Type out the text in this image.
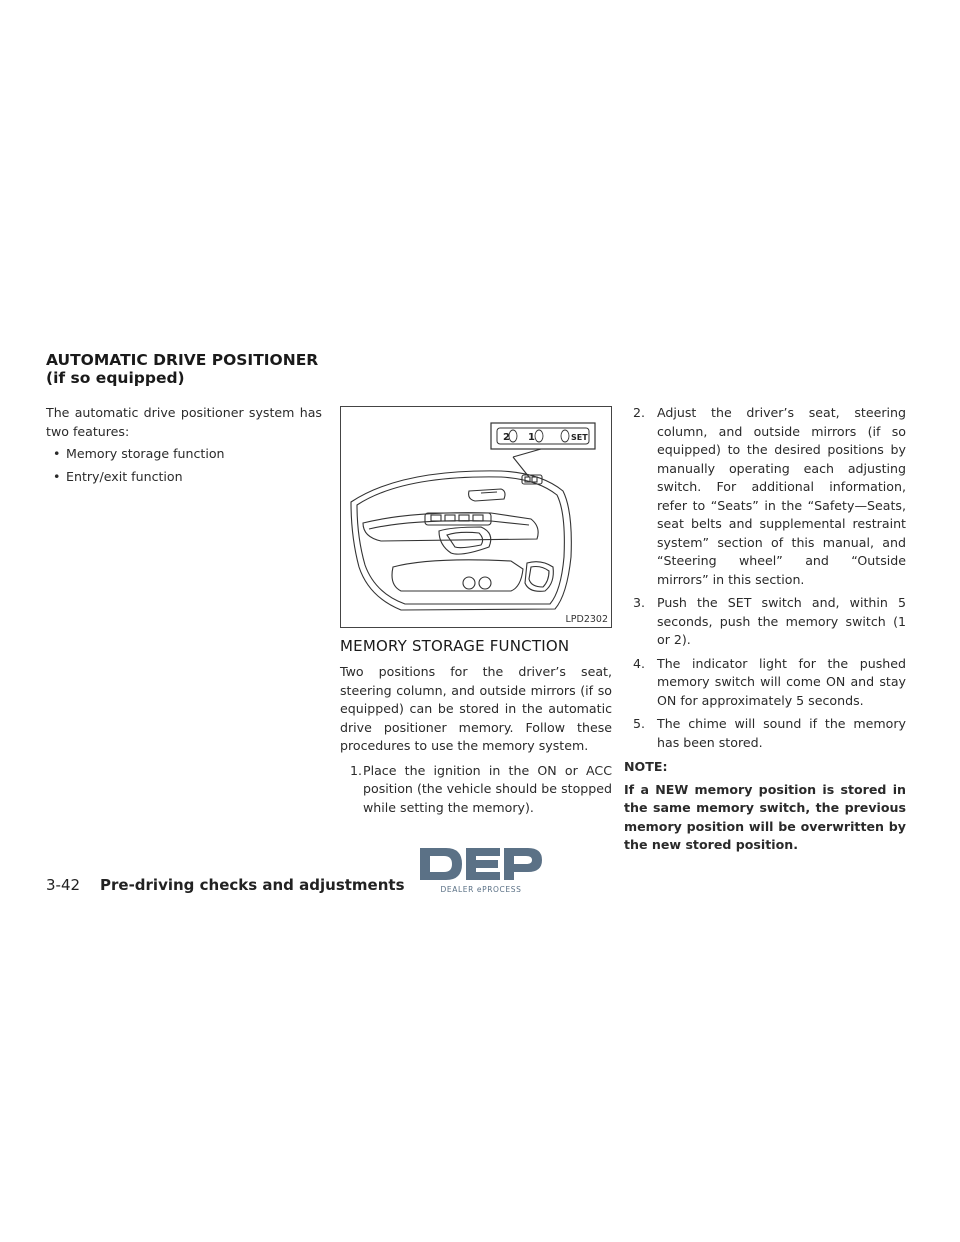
AUTOMATIC DRIVE POSITIONER (if so equipped)

The automatic drive positioner system has two features:

• Memory storage function
• Entry/exit function
2 1	SET
LPD2302
MEMORY STORAGE FUNCTION

Two positions for the driver’s seat, steering column, and outside mirrors (if so equipped) can be stored in the automatic drive positioner memory. Follow these procedures to use the memory system.

1. Place the ignition in the ON or ACC position (the vehicle should be stopped while setting the memory).
2. Adjust the driver’s seat, steering column, and outside mirrors (if so equipped) to the desired positions by manually operating each adjusting switch. For additional information, refer to “Seats” in the “Safety—Seats, seat belts and supplemental restraint system” section of this manual, and “Steering wheel” and “Outside mirrors” in this section.
3. Push the SET switch and, within 5 seconds, push the memory switch (1 or 2).
4. The indicator light for the pushed memory switch will come ON and stay ON for approximately 5 seconds.
5. The chime will sound if the memory has been stored.

NOTE:

If a NEW memory position is stored in the same memory switch, the previous memory position will be overwritten by the new stored position.

3-42 Pre-driving checks and adjustments	DEALER ePROCESS
